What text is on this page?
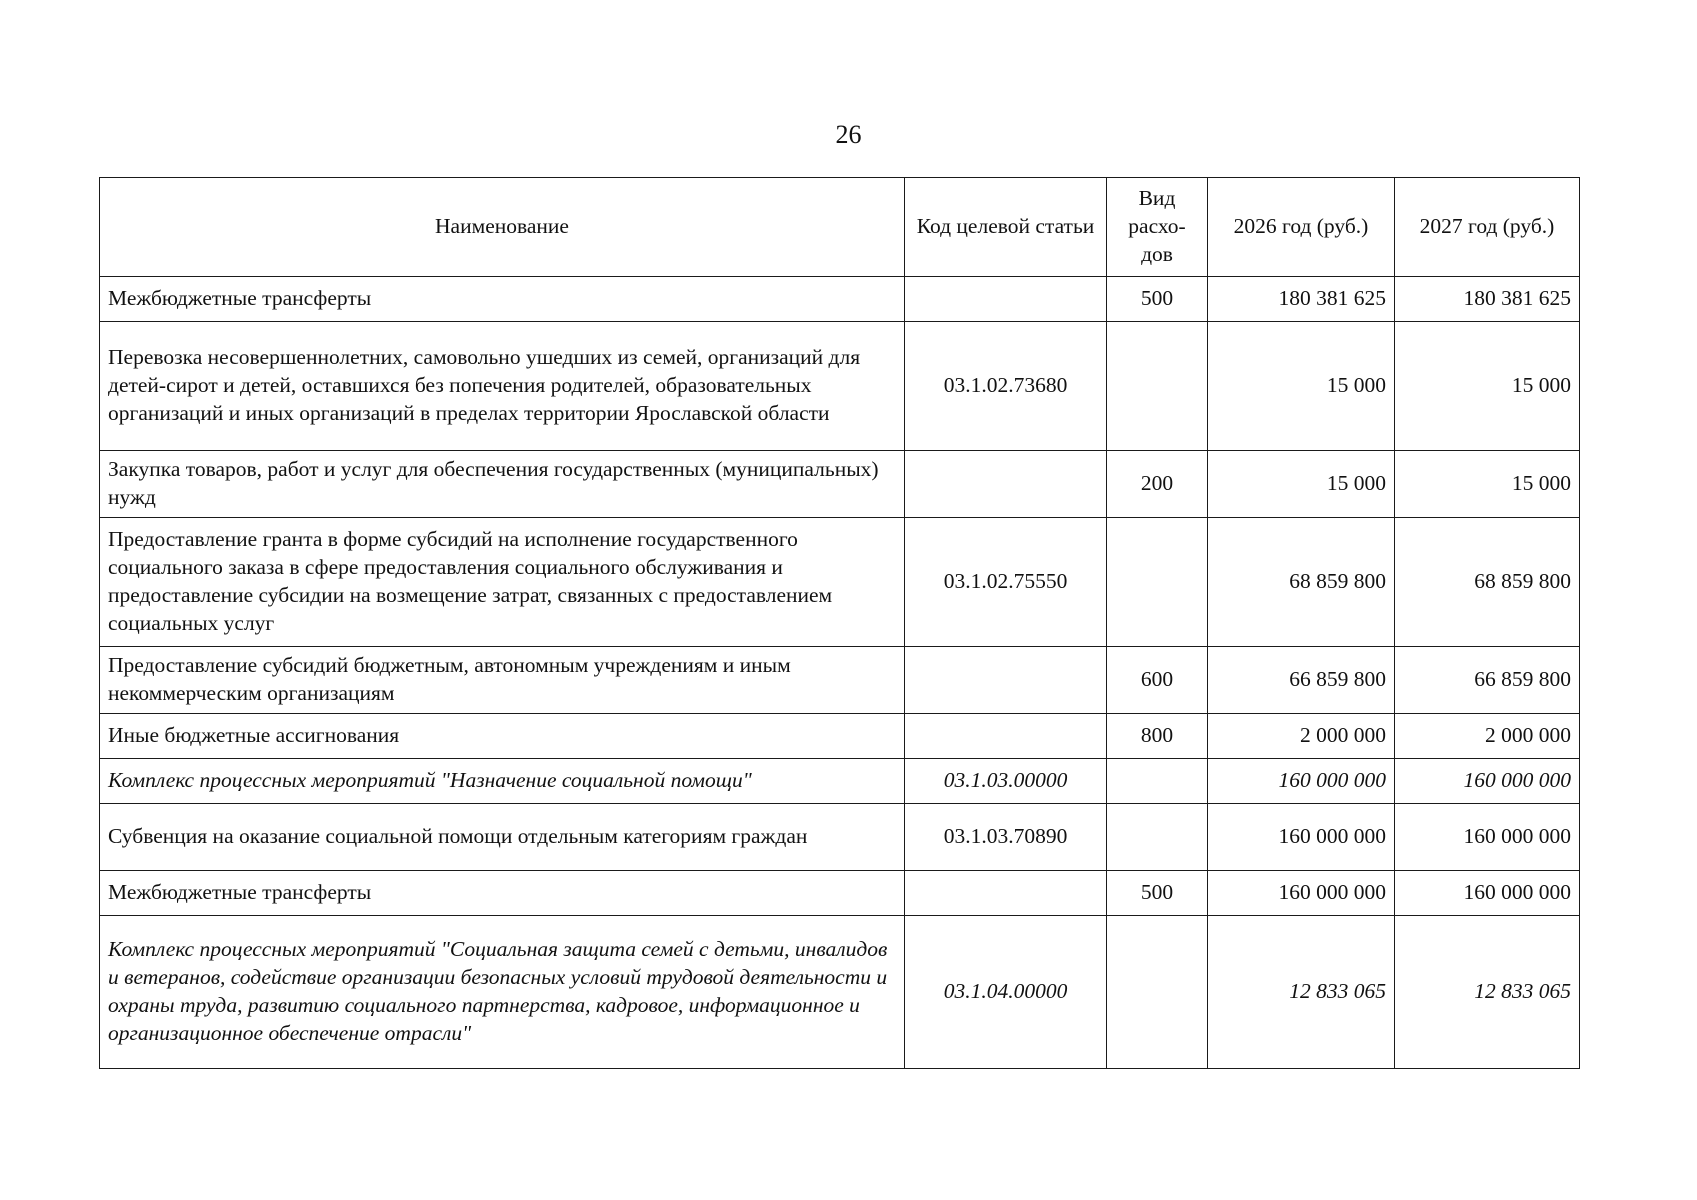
26
Наименование	Код целевой статьи	Вид расхо-дов	2026 год (руб.)	2027 год (руб.)
Межбюджетные трансферты		500	180 381 625	180 381 625
Перевозка несовершеннолетних, самовольно ушедших из семей, организаций для детей-сирот и детей, оставшихся без попечения родителей, образовательных организаций и иных организаций в пределах территории Ярославской области	03.1.02.73680		15 000	15 000
Закупка товаров, работ и услуг для обеспечения государственных (муниципальных) нужд		200	15 000	15 000
Предоставление гранта в форме субсидий на исполнение государственного социального заказа в сфере предоставления социального обслуживания и предоставление субсидии на возмещение затрат, связанных с предоставлением социальных услуг	03.1.02.75550		68 859 800	68 859 800
Предоставление субсидий бюджетным, автономным учреждениям и иным некоммерческим организациям		600	66 859 800	66 859 800
Иные бюджетные ассигнования		800	2 000 000	2 000 000
Комплекс процессных мероприятий "Назначение социальной помощи"	03.1.03.00000		160 000 000	160 000 000
Субвенция на оказание социальной помощи отдельным категориям граждан	03.1.03.70890		160 000 000	160 000 000
Межбюджетные трансферты		500	160 000 000	160 000 000
Комплекс процессных мероприятий "Социальная защита семей с детьми, инвалидов и ветеранов, содействие организации безопасных условий трудовой деятельности и охраны труда, развитию социального партнерства, кадровое, информационное и организационное обеспечение отрасли"	03.1.04.00000		12 833 065	12 833 065
